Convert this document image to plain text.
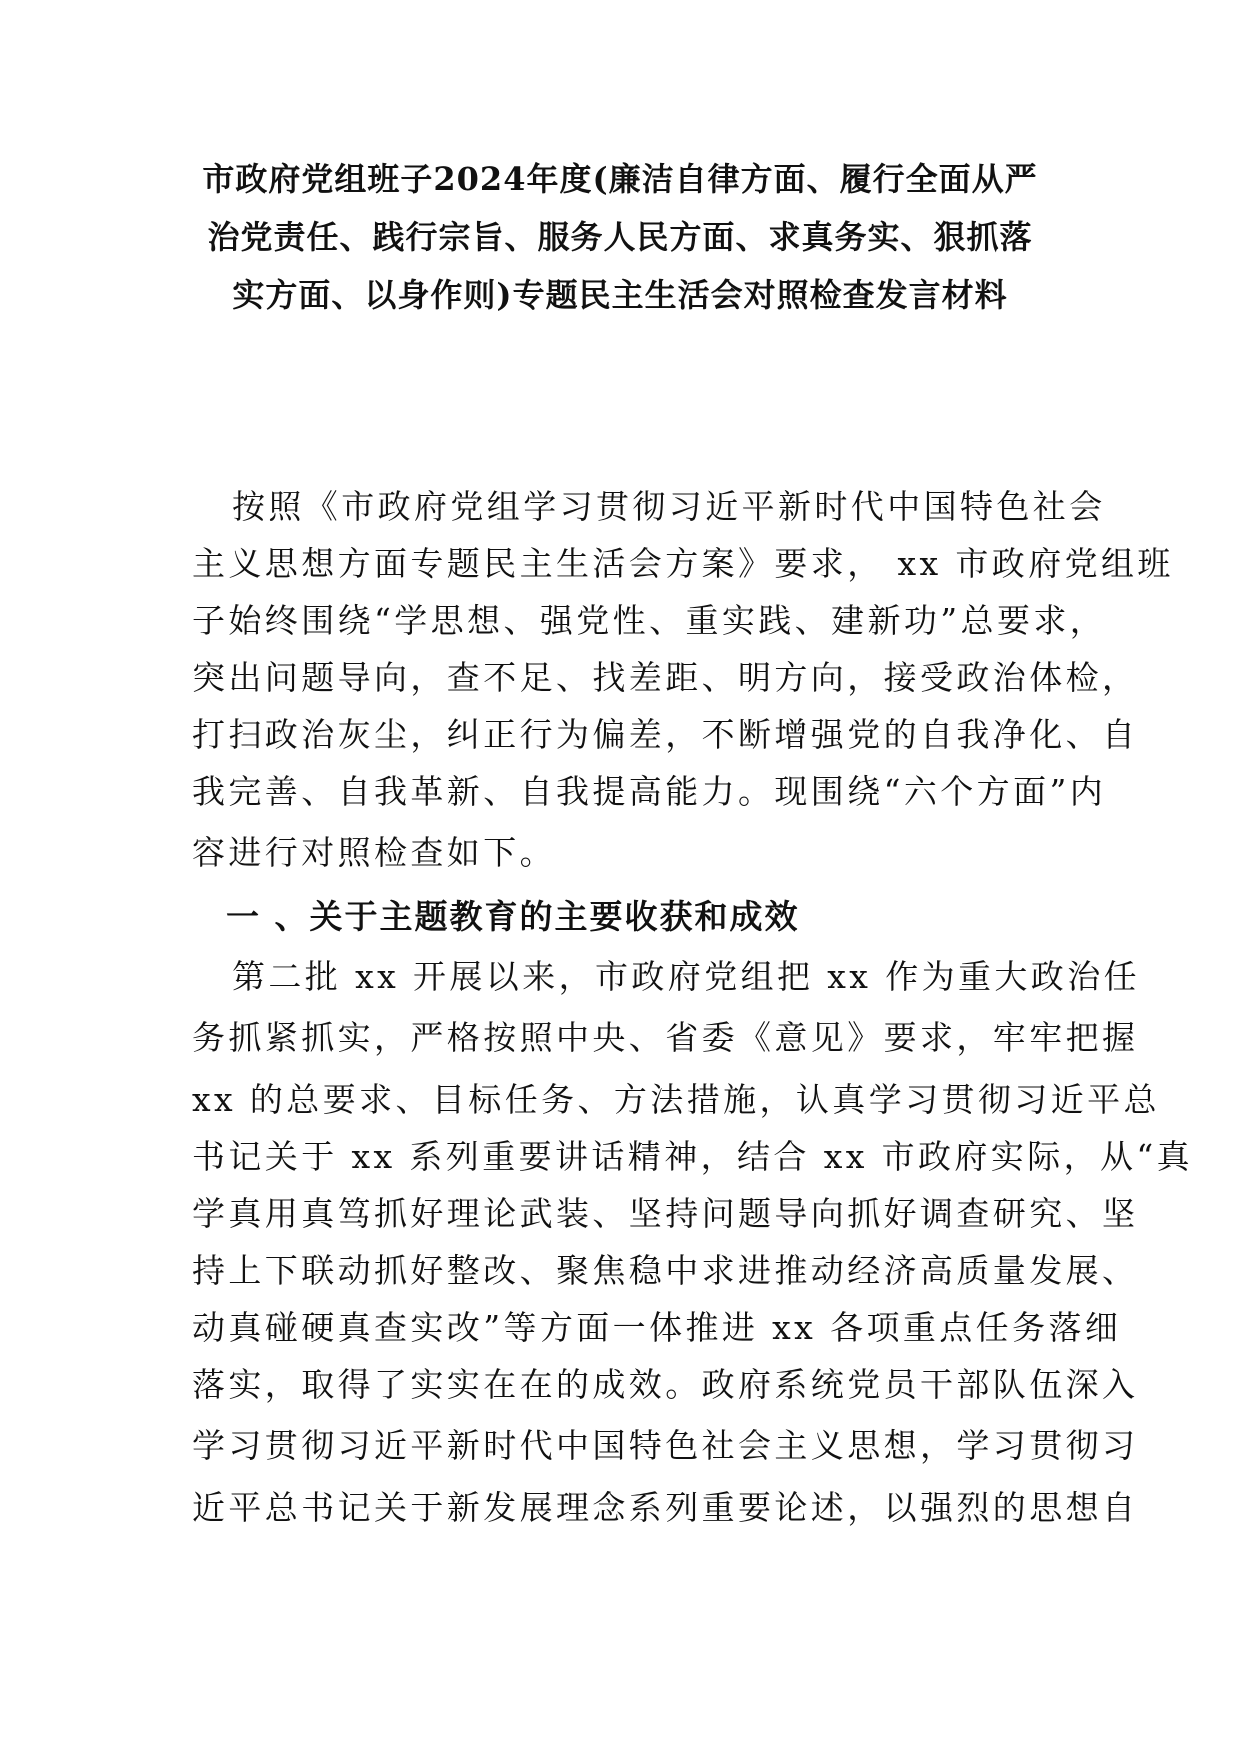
市政府党组班子2024年度(廉洁自律方面、履行全面从严
治党责任、践行宗旨、服务人民方面、求真务实、狠抓落
实方面、以身作则)专题民主生活会对照检查发言材料
按照《市政府党组学习贯彻习近平新时代中国特色社会
主义思想方面专题民主生活会方案》要求， xx 市政府党组班
子始终围绕“学思想、强党性、重实践、建新功”总要求，
突出问题导向，查不足、找差距、明方向，接受政治体检，
打扫政治灰尘，纠正行为偏差，不断增强党的自我净化、自
我完善、自我革新、自我提高能力。现围绕“六个方面”内
容进行对照检查如下。
一 、关于主题教育的主要收获和成效
第二批 xx 开展以来，市政府党组把 xx 作为重大政治任
务抓紧抓实，严格按照中央、省委《意见》要求，牢牢把握
xx 的总要求、目标任务、方法措施，认真学习贯彻习近平总
书记关于 xx 系列重要讲话精神，结合 xx 市政府实际，从“真
学真用真笃抓好理论武装、坚持问题导向抓好调查研究、坚
持上下联动抓好整改、聚焦稳中求进推动经济高质量发展、
动真碰硬真查实改”等方面一体推进 xx 各项重点任务落细
落实，取得了实实在在的成效。政府系统党员干部队伍深入
学习贯彻习近平新时代中国特色社会主义思想，学习贯彻习
近平总书记关于新发展理念系列重要论述，以强烈的思想自
